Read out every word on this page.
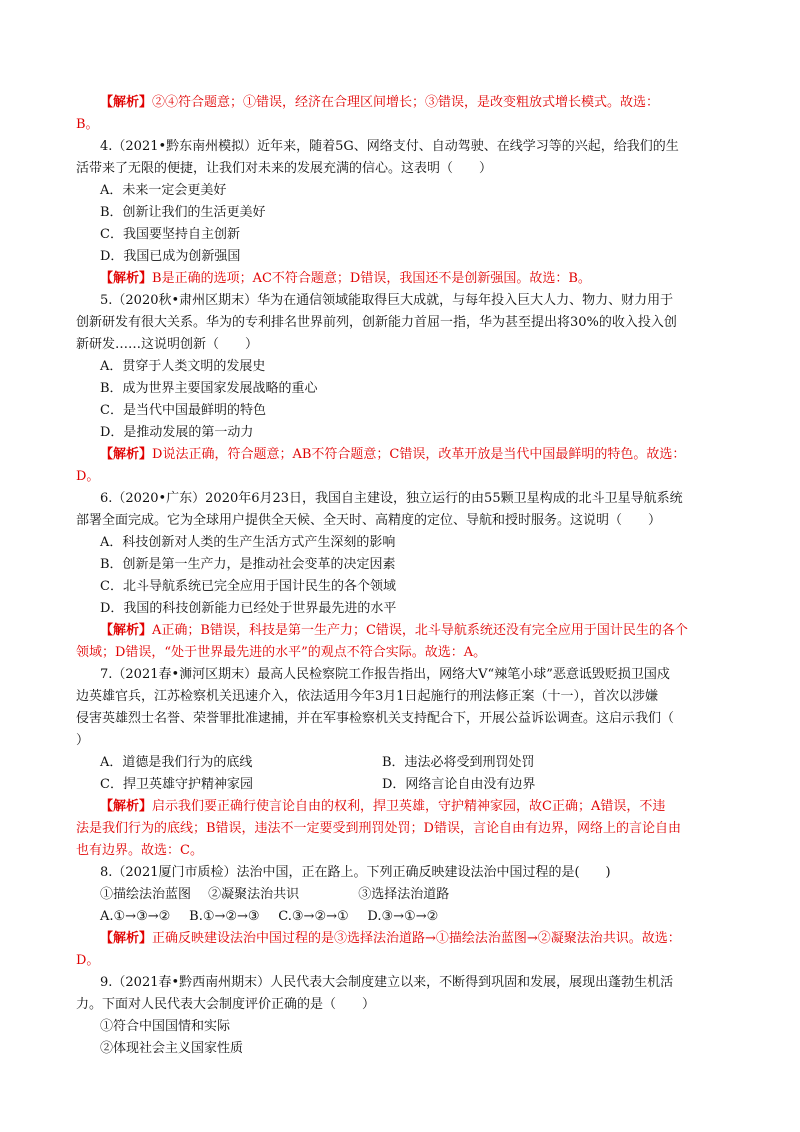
【解析】②④符合题意；①错误，经济在合理区间增长；③错误，是改变粗放式增长模式。故选：
B。
4.（2021•黔东南州模拟）近年来，随着5G、网络支付、自动驾驶、在线学习等的兴起，给我们的生
活带来了无限的便捷，让我们对未来的发展充满的信心。这表明（　　）
A．未来一定会更美好
B．创新让我们的生活更美好
C．我国要坚持自主创新
D．我国已成为创新强国
【解析】B是正确的选项；AC不符合题意；D错误，我国还不是创新强国。故选：B。
5.（2020秋•肃州区期末）华为在通信领域能取得巨大成就，与每年投入巨大人力、物力、财力用于
创新研发有很大关系。华为的专利排名世界前列，创新能力首屈一指，华为甚至提出将30%的收入投入创
新研发……这说明创新（　　）
A．贯穿于人类文明的发展史
B．成为世界主要国家发展战略的重心
C．是当代中国最鲜明的特色
D．是推动发展的第一动力
【解析】D说法正确，符合题意；AB不符合题意；C错误，改革开放是当代中国最鲜明的特色。故选：
D。
6.（2020•广东）2020年6月23日，我国自主建设，独立运行的由55颗卫星构成的北斗卫星导航系统
部署全面完成。它为全球用户提供全天候、全天时、高精度的定位、导航和授时服务。这说明（　　）
A．科技创新对人类的生产生活方式产生深刻的影响
B．创新是第一生产力，是推动社会变革的决定因素
C．北斗导航系统已完全应用于国计民生的各个领域
D．我国的科技创新能力已经处于世界最先进的水平
【解析】A正确；B错误，科技是第一生产力；C错误，北斗导航系统还没有完全应用于国计民生的各个
领域；D错误，“处于世界最先进的水平”的观点不符合实际。故选：A。
7.（2021春•浉河区期末）最高人民检察院工作报告指出，网络大V“辣笔小球”恶意诋毁贬损卫国戍
边英雄官兵，江苏检察机关迅速介入，依法适用今年3月1日起施行的刑法修正案（十一），首次以涉嫌
侵害英雄烈士名誉、荣誉罪批准逮捕，并在军事检察机关支持配合下，开展公益诉讼调查。这启示我们（
）
A．道德是我们行为的底线	B．违法必将受到刑罚处罚
C．捍卫英雄守护精神家园	D．网络言论自由没有边界
【解析】启示我们要正确行使言论自由的权利，捍卫英雄，守护精神家园，故C正确；A错误，不违
法是我们行为的底线；B错误，违法不一定要受到刑罚处罚；D错误，言论自由有边界，网络上的言论自由
也有边界。故选：C。
8.（2021厦门市质检）法治中国，正在路上。下列正确反映建设法治中国过程的是(　　)
①描绘法治蓝图 ②凝聚法治共识	③选择法治道路
A.①→③→② B.①→②→③ C.③→②→① D.③→①→②
【解析】正确反映建设法治中国过程的是③选择法治道路→①描绘法治蓝图→②凝聚法治共识。故选：
D。
9.（2021春•黔西南州期末）人民代表大会制度建立以来，不断得到巩固和发展，展现出蓬勃生机活
力。下面对人民代表大会制度评价正确的是（　　）
①符合中国国情和实际
②体现社会主义国家性质
